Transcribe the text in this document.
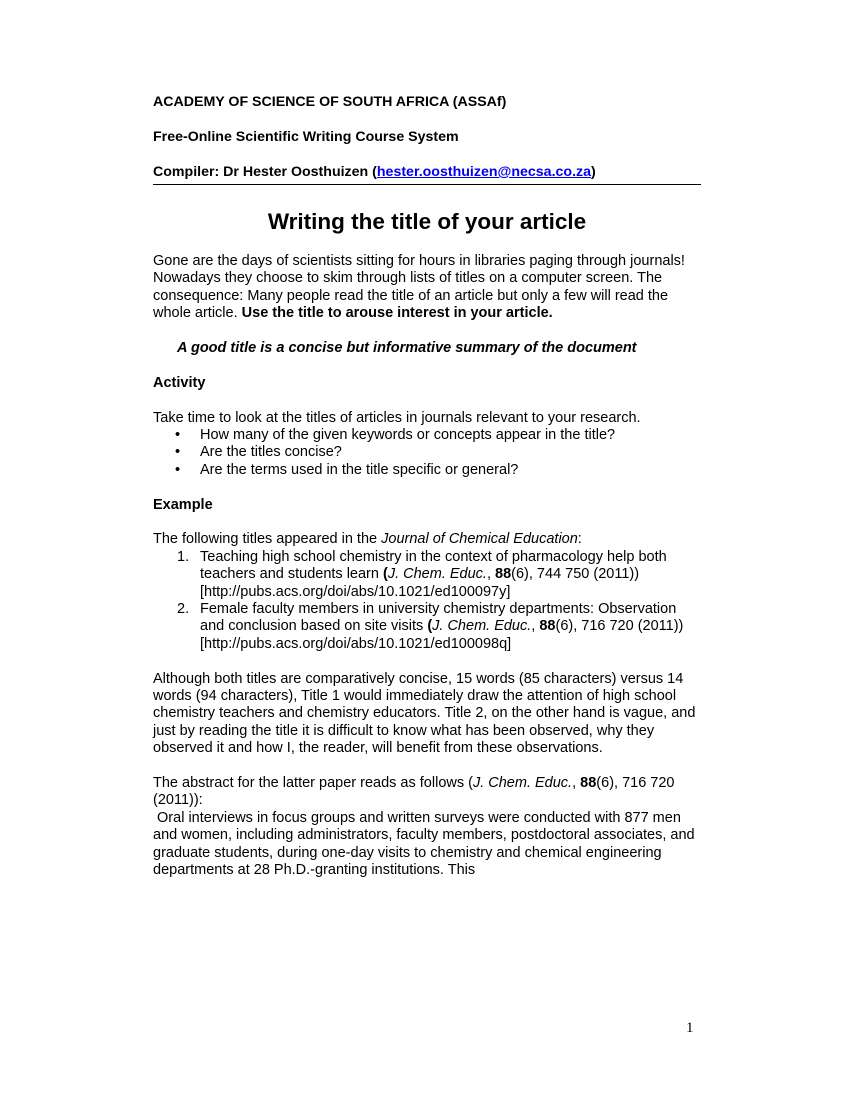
ACADEMY OF SCIENCE OF SOUTH AFRICA (ASSAf)

Free-Online Scientific Writing Course System

Compiler: Dr Hester Oosthuizen (hester.oosthuizen@necsa.co.za)

Writing the title of your article

Gone are the days of scientists sitting for hours in libraries paging through journals! Nowadays they choose to skim through lists of titles on a computer screen. The consequence: Many people read the title of an article but only a few will read the whole article. Use the title to arouse interest in your article.

A good title is a concise but informative summary of the document

Activity

Take time to look at the titles of articles in journals relevant to your research.

• How many of the given keywords or concepts appear in the title?
• Are the titles concise?
• Are the terms used in the title specific or general?

Example

The following titles appeared in the Journal of Chemical Education:

1. Teaching high school chemistry in the context of pharmacology help both teachers and students learn (J. Chem. Educ., 88(6), 744 750 (2011))
[http://pubs.acs.org/doi/abs/10.1021/ed100097y]
2. Female faculty members in university chemistry departments: Observation and conclusion based on site visits (J. Chem. Educ., 88(6), 716 720 (2011))
[http://pubs.acs.org/doi/abs/10.1021/ed100098q]

Although both titles are comparatively concise, 15 words (85 characters) versus 14 words (94 characters), Title 1 would immediately draw the attention of high school chemistry teachers and chemistry educators. Title 2, on the other hand is vague, and just by reading the title it is difficult to know what has been observed, why they observed it and how I, the reader, will benefit from these observations.

The abstract for the latter paper reads as follows (J. Chem. Educ., 88(6), 716 720 (2011)):

Oral interviews in focus groups and written surveys were conducted with 877 men and women, including administrators, faculty members, postdoctoral associates, and graduate students, during one-day visits to chemistry and chemical engineering departments at 28 Ph.D.-granting institutions. This

1
